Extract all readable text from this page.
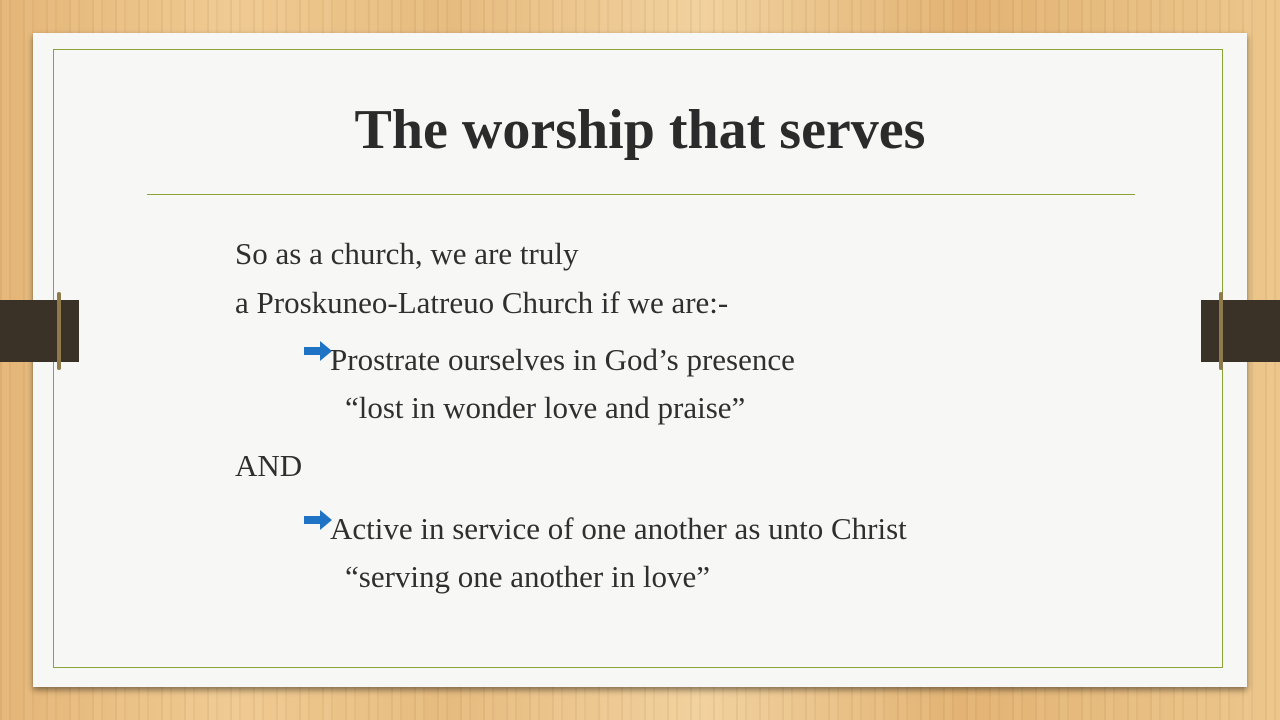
The worship that serves
So as a church, we are truly
a Proskuneo-Latreuo Church if we are:-
Prostrate ourselves in God’s presence
“lost in wonder love and praise”
AND
Active in service of one another as unto Christ
“serving one another in love”
